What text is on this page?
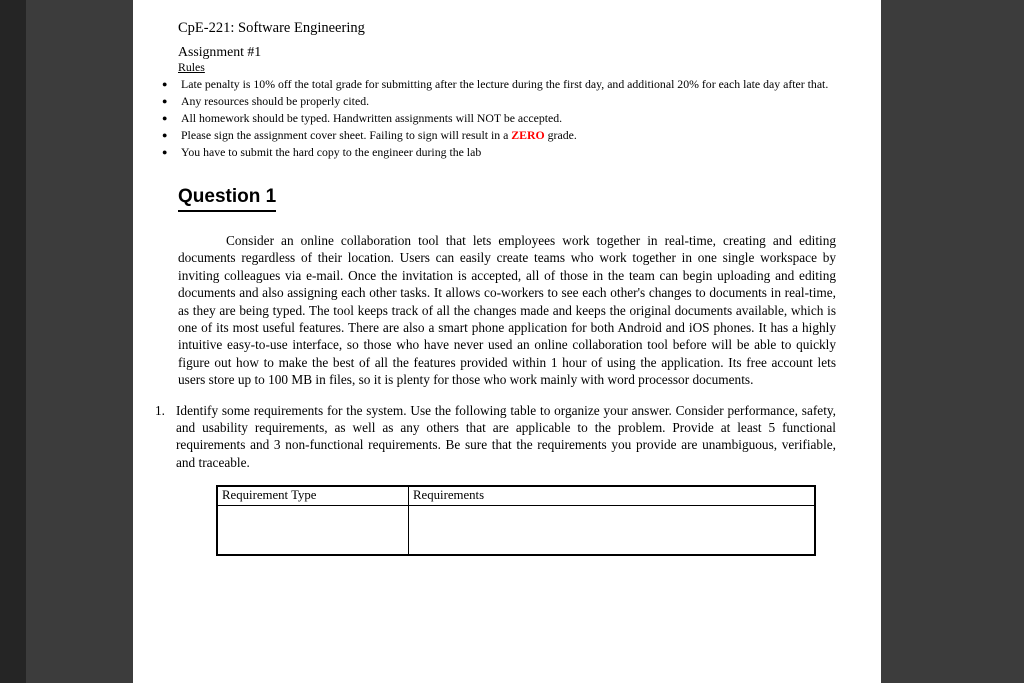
CpE-221: Software Engineering

Assignment #1

Rules

●	Late penalty is 10% off the total grade for submitting after the lecture during the first day, and additional 20% for each late day after that.
●	Any resources should be properly cited.
●	All homework should be typed. Handwritten assignments will NOT be accepted.
●	Please sign the assignment cover sheet. Failing to sign will result in a ZERO grade.
●	You have to submit the hard copy to the engineer during the lab
Question 1

Consider an online collaboration tool that lets employees work together in real-time, creating and editing documents regardless of their location. Users can easily create teams who work together in one single workspace by inviting colleagues via e-mail. Once the invitation is accepted, all of those in the team can begin uploading and editing documents and also assigning each other tasks. It allows co-workers to see each other's changes to documents in real-time, as they are being typed. The tool keeps track of all the changes made and keeps the original documents available, which is one of its most useful features. There are also a smart phone application for both Android and iOS phones. It has a highly intuitive easy-to-use interface, so those who have never used an online collaboration tool before will be able to quickly figure out how to make the best of all the features provided within 1 hour of using the application. Its free account lets users store up to 100 MB in files, so it is plenty for those who work mainly with word processor documents.

1. Identify some requirements for the system. Use the following table to organize your answer. Consider performance, safety, and usability requirements, as well as any others that are applicable to the problem. Provide at least 5 functional requirements and 3 non-functional requirements. Be sure that the requirements you provide are unambiguous, verifiable, and traceable.
Requirement Type	Requirements
